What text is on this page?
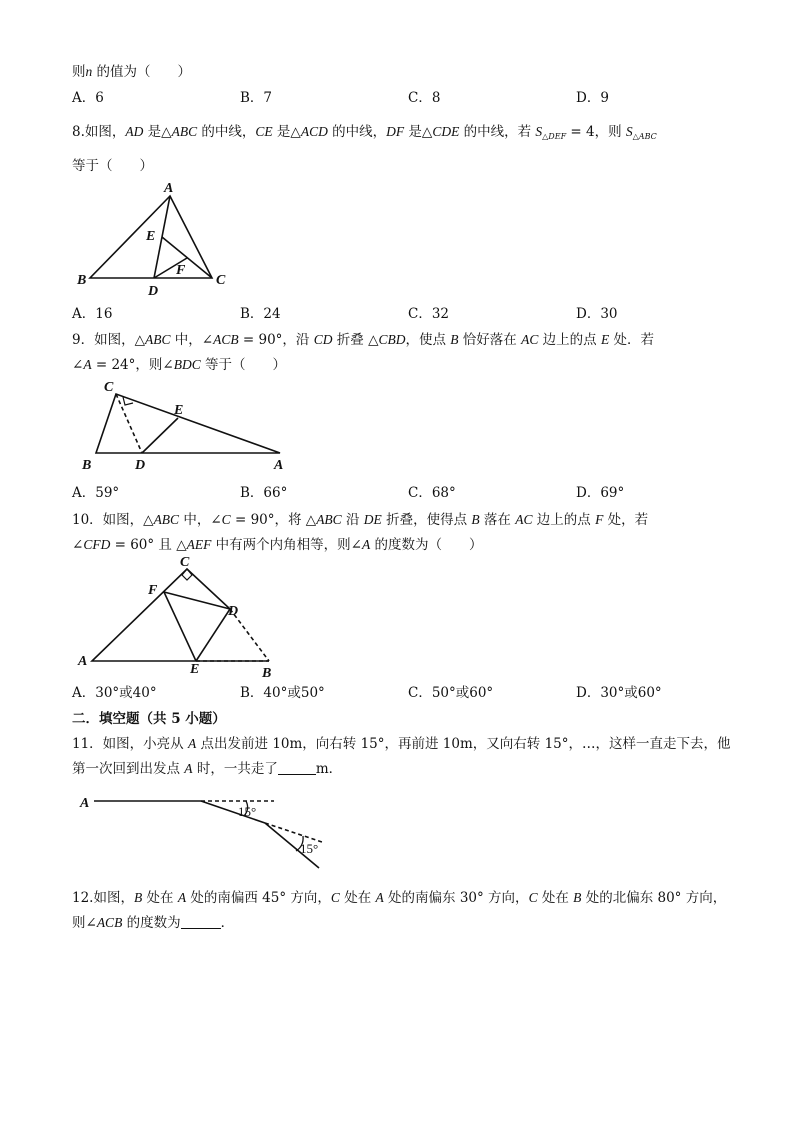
则n 的值为（　　）
A．6	B．7	C．8	D．9
8.如图，AD 是△ABC 的中线，CE 是△ACD 的中线，DF 是△CDE 的中线，若 $S_{\triangle DEF} = 4$，则 $S_{\triangle ABC}$
等于（　　）
A
B	C
D
E
F
A．16	B．24	C．32	D．30
9．如图，△ABC 中，∠ACB = 90°，沿 CD 折叠 △CBD，使点 B 恰好落在 AC 边上的点 E 处．若
∠A = 24°，则∠BDC 等于（　　）
C
B	D	A
E
A．59°	B．66°	C．68°	D．69°
10．如图，△ABC 中，∠C = 90°，将 △ABC 沿 DE 折叠，使得点 B 落在 AC 边上的点 F 处，若
∠CFD = 60° 且 △AEF 中有两个内角相等，则∠A 的度数为（　　）
C
F
D
A
E	B
A．30°或40°	B．40°或50°	C．50°或60°	D．30°或60°
二．填空题（共 5 小题）
11．如图，小亮从 A 点出发前进 10m，向右转 15°，再前进 10m，又向右转 15°，…，这样一直走下去，他
第一次回到出发点 A 时，一共走了	m．
A
15°
15°
12.如图，B 处在 A 处的南偏西 45° 方向，C 处在 A 处的南偏东 30° 方向，C 处在 B 处的北偏东 80° 方向，
则∠ACB 的度数为	．
